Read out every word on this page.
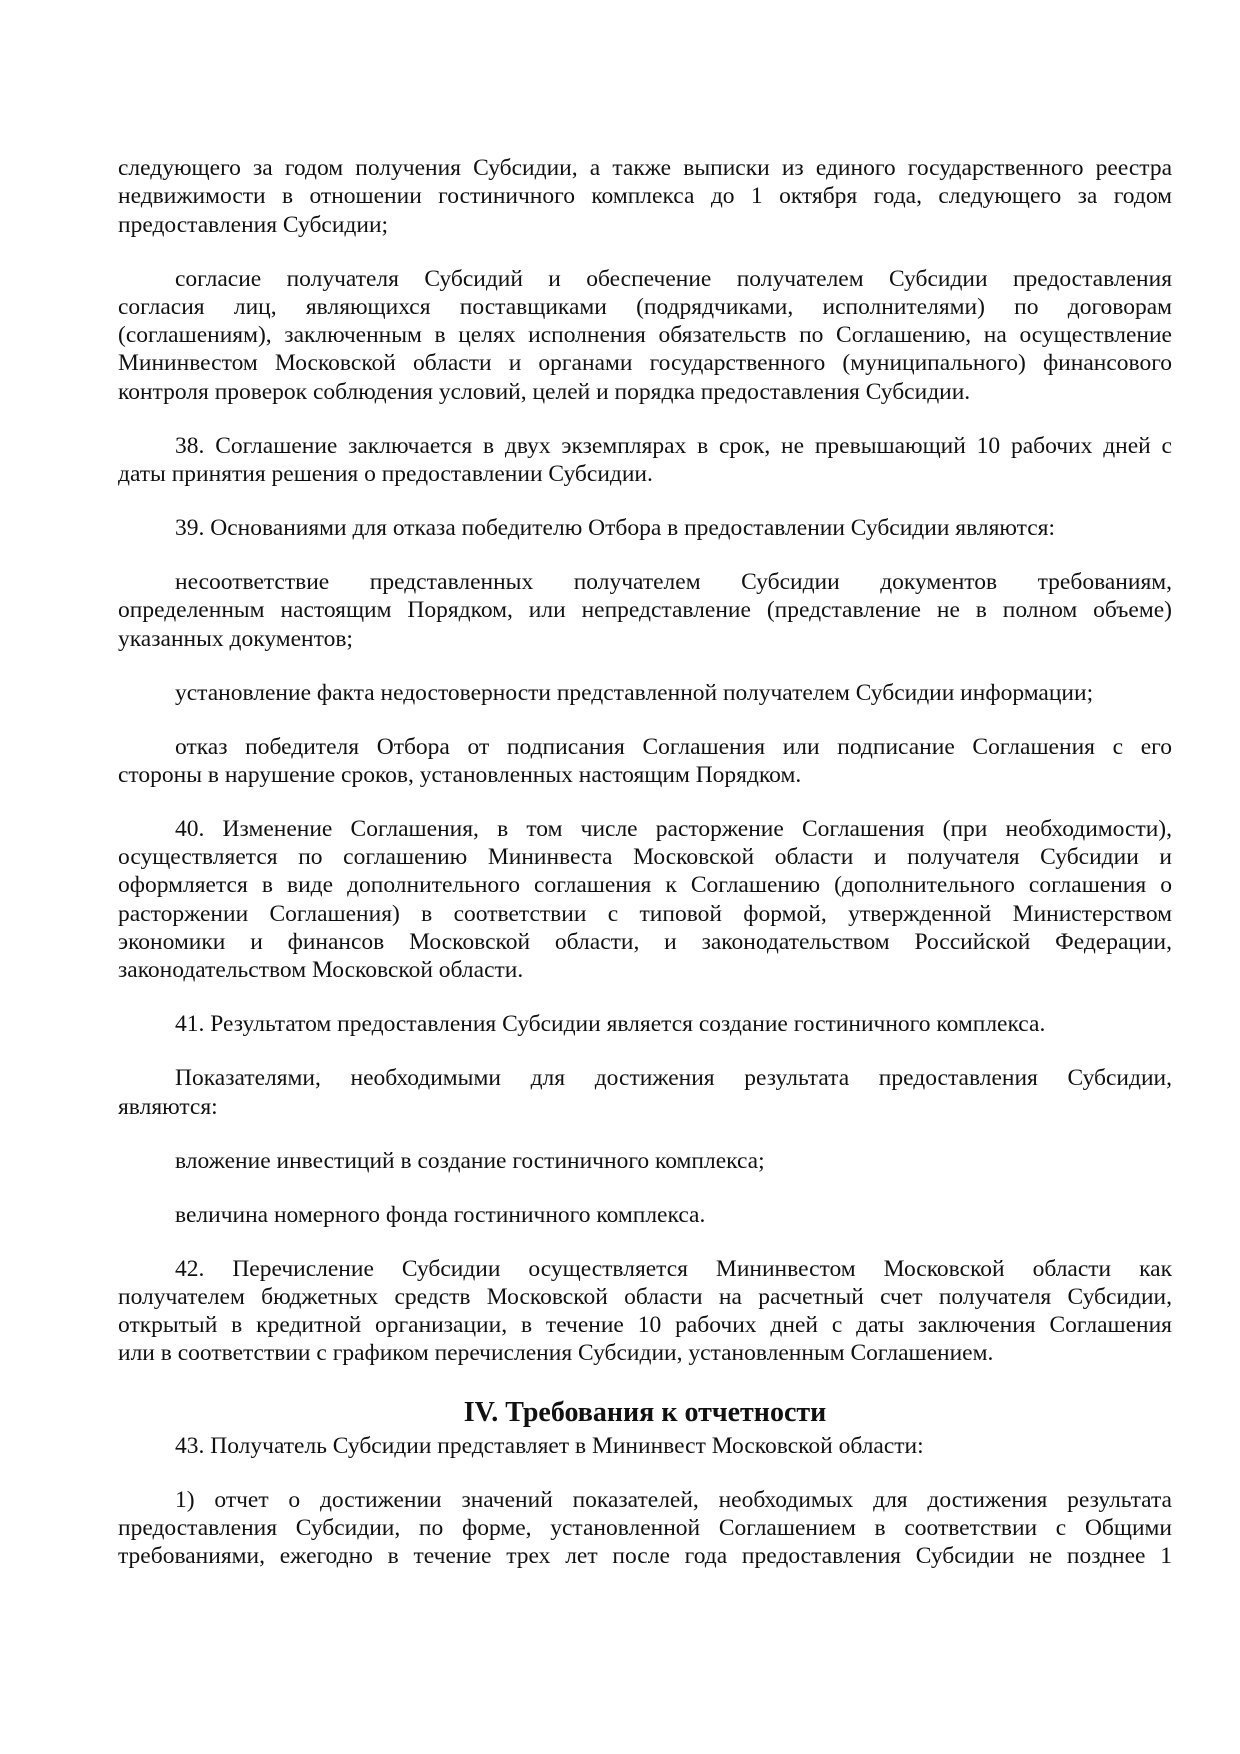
следующего за годом получения Субсидии, а также выписки из единого государственного реестра
недвижимости в отношении гостиничного комплекса до 1 октября года, следующего за годом
предоставления Субсидии;
согласие получателя Субсидий и обеспечение получателем Субсидии предоставления
согласия лиц, являющихся поставщиками (подрядчиками, исполнителями) по договорам
(соглашениям), заключенным в целях исполнения обязательств по Соглашению, на осуществление
Мининвестом Московской области и органами государственного (муниципального) финансового
контроля проверок соблюдения условий, целей и порядка предоставления Субсидии.
38. Соглашение заключается в двух экземплярах в срок, не превышающий 10 рабочих дней с
даты принятия решения о предоставлении Субсидии.
39. Основаниями для отказа победителю Отбора в предоставлении Субсидии являются:
несоответствие представленных получателем Субсидии документов требованиям,
определенным настоящим Порядком, или непредставление (представление не в полном объеме)
указанных документов;
установление факта недостоверности представленной получателем Субсидии информации;
отказ победителя Отбора от подписания Соглашения или подписание Соглашения с его
стороны в нарушение сроков, установленных настоящим Порядком.
40. Изменение Соглашения, в том числе расторжение Соглашения (при необходимости),
осуществляется по соглашению Мининвеста Московской области и получателя Субсидии и
оформляется в виде дополнительного соглашения к Соглашению (дополнительного соглашения о
расторжении Соглашения) в соответствии с типовой формой, утвержденной Министерством
экономики и финансов Московской области, и законодательством Российской Федерации,
законодательством Московской области.
41. Результатом предоставления Субсидии является создание гостиничного комплекса.
Показателями, необходимыми для достижения результата предоставления Субсидии,
являются:
вложение инвестиций в создание гостиничного комплекса;
величина номерного фонда гостиничного комплекса.
42. Перечисление Субсидии осуществляется Мининвестом Московской области как
получателем бюджетных средств Московской области на расчетный счет получателя Субсидии,
открытый в кредитной организации, в течение 10 рабочих дней с даты заключения Соглашения
или в соответствии с графиком перечисления Субсидии, установленным Соглашением.
IV. Требования к отчетности
43. Получатель Субсидии представляет в Мининвест Московской области:
1) отчет о достижении значений показателей, необходимых для достижения результата
предоставления Субсидии, по форме, установленной Соглашением в соответствии с Общими
требованиями, ежегодно в течение трех лет после года предоставления Субсидии не позднее 1
